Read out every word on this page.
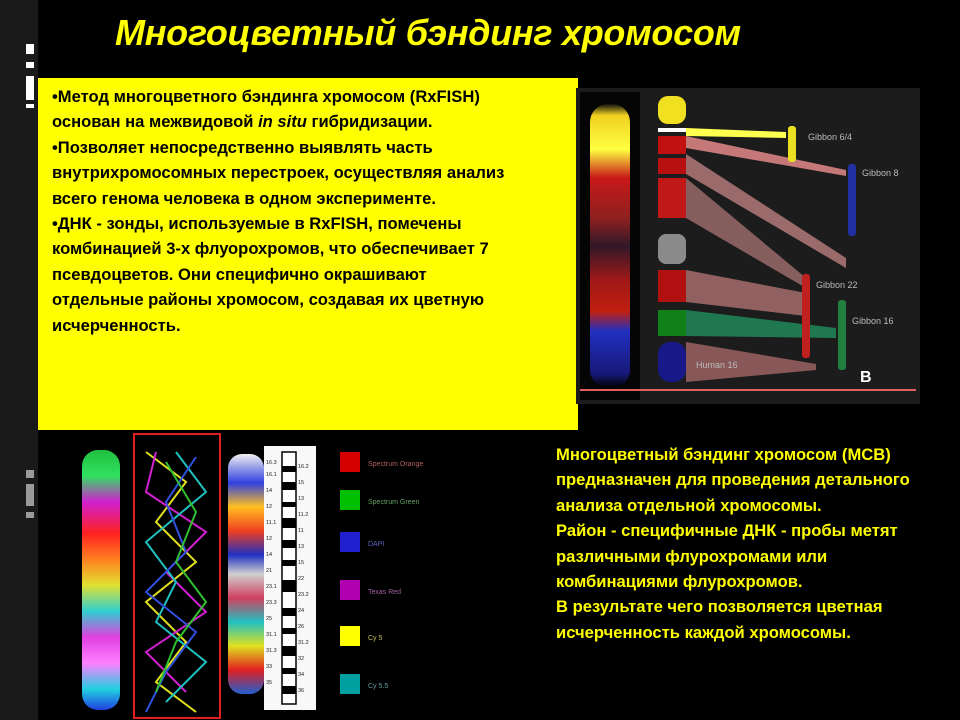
Многоцветный бэндинг хромосом

•Метод многоцветного бэндинга хромосом (RxFISH) основан на межвидовой in situ гибридизации.

•Позволяет непосредственно выявлять часть внутрихромосомных перестроек, осуществляя анализ всего генома человека в одном эксперименте.

•ДНК - зонды, используемые в RxFISH, помечены комбинацией 3-х флуорохромов, что обеспечивает 7 псевдоцветов. Они специфично окрашивают отдельные районы хромосом, создавая их цветную исчерченность.

Gibbon 6/4
Gibbon 8
Gibbon 22
Gibbon 16
Human 16
B
16.3
16.2
16.1
15
14
13
12
11.2
11.1
11
12
13
14
15
21
22
23.1
23.2
23.3
24
25
26
31.1
31.2
31.3
32
33
34
35
36
Spectrum Orange
Spectrum Green
DAPI
Texas Red
Cy 5
Cy 5.5

Многоцветный бэндинг хромосом (MCB) предназначен для проведения детального анализа отдельной хромосомы.

Район - специфичные ДНК - пробы метят различными флурохромами или комбинациями флурохромов.

В результате чего позволяется цветная исчерченность каждой хромосомы.
